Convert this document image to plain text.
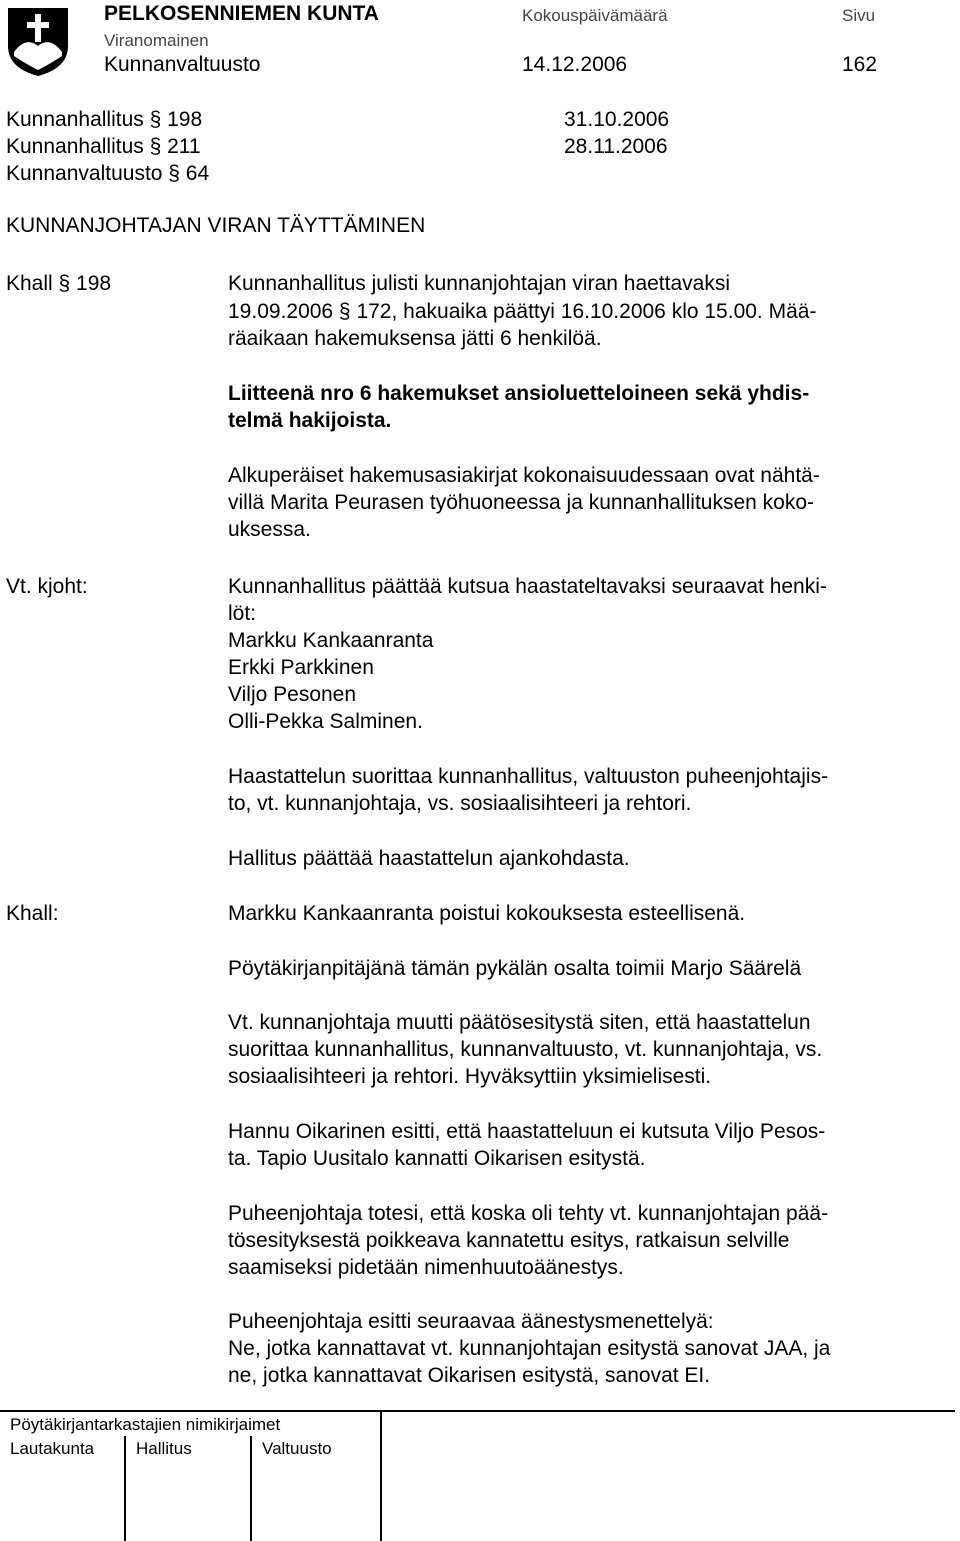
PELKOSENNIEMEN KUNTA
Viranomainen
Kunnanvaltuusto
Kokouspäivämäärä
14.12.2006
Sivu
162
Kunnanhallitus § 198	31.10.2006
Kunnanhallitus § 211	28.11.2006
Kunnanvaltuusto § 64
KUNNANJOHTAJAN VIRAN TÄYTTÄMINEN
Khall § 198	Kunnanhallitus julisti kunnanjohtajan viran haettavaksi
19.09.2006 § 172, hakuaika päättyi 16.10.2006 klo 15.00. Mää-
räaikaan hakemuksensa jätti 6 henkilöä.
Liitteenä nro 6 hakemukset ansioluetteloineen sekä yhdis-
telmä hakijoista.
Alkuperäiset hakemusasiakirjat kokonaisuudessaan ovat nähtä-
villä Marita Peurasen työhuoneessa ja kunnanhallituksen koko-
uksessa.
Vt. kjoht:	Kunnanhallitus päättää kutsua haastateltavaksi seuraavat henki-
löt:
Markku Kankaanranta
Erkki Parkkinen
Viljo Pesonen
Olli-Pekka Salminen.
Haastattelun suorittaa kunnanhallitus, valtuuston puheenjohtajis-
to, vt. kunnanjohtaja, vs. sosiaalisihteeri ja rehtori.
Hallitus päättää haastattelun ajankohdasta.
Khall:	Markku Kankaanranta poistui kokouksesta esteellisenä.
Pöytäkirjanpitäjänä tämän pykälän osalta toimii Marjo Säärelä
Vt. kunnanjohtaja muutti päätösesitystä siten, että haastattelun
suorittaa kunnanhallitus, kunnanvaltuusto, vt. kunnanjohtaja, vs.
sosiaalisihteeri ja rehtori. Hyväksyttiin yksimielisesti.
Hannu Oikarinen esitti, että haastatteluun ei kutsuta Viljo Pesos-
ta. Tapio Uusitalo kannatti Oikarisen esitystä.
Puheenjohtaja totesi, että koska oli tehty vt. kunnanjohtajan pää-
tösesityksestä poikkeava kannatettu esitys, ratkaisun selville
saamiseksi pidetään nimenhuutoäänestys.
Puheenjohtaja esitti seuraavaa äänestysmenettelyä:
Ne, jotka kannattavat vt. kunnanjohtajan esitystä sanovat JAA, ja
ne, jotka kannattavat Oikarisen esitystä, sanovat EI.
Pöytäkirjantarkastajien nimikirjaimet
Lautakunta Hallitus	Valtuusto
